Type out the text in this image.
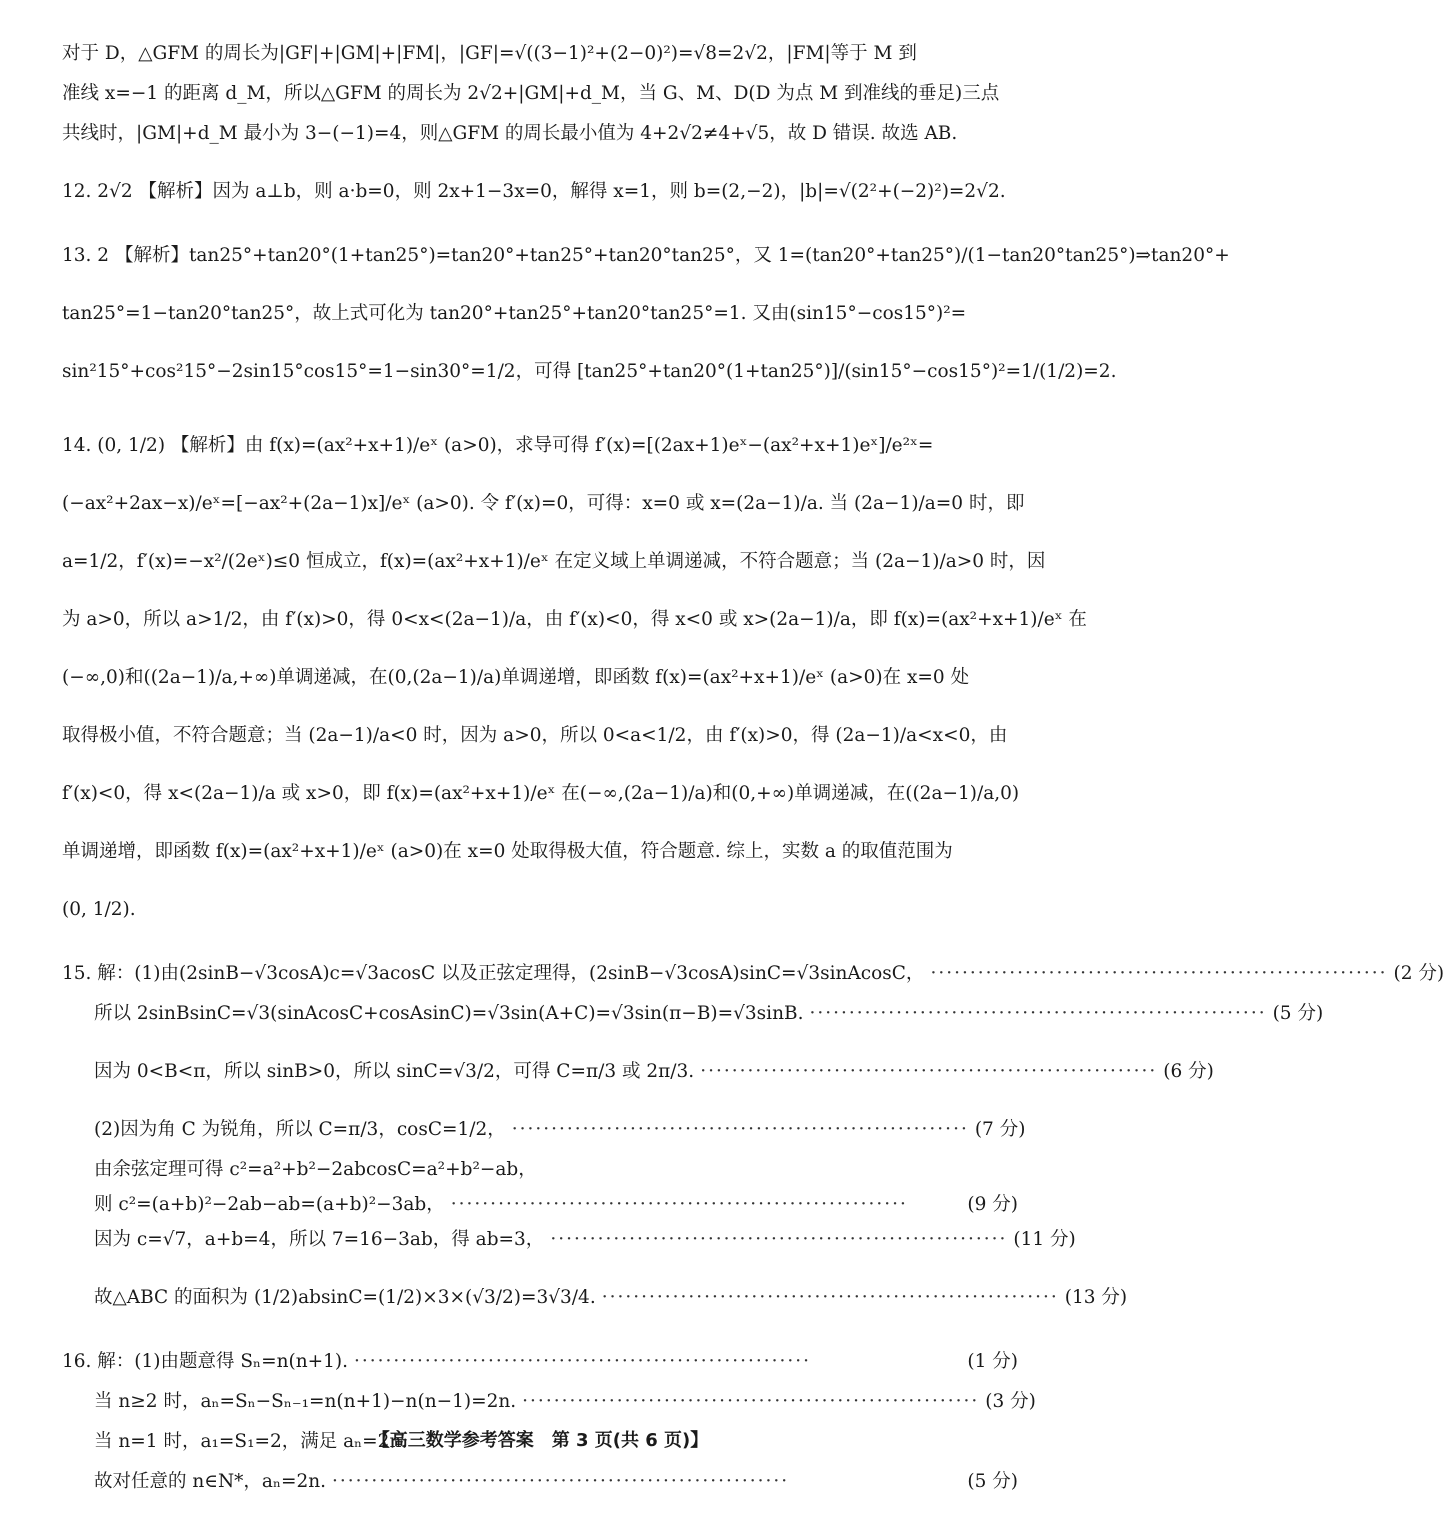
对于 D，△GFM 的周长为|GF|+|GM|+|FM|，|GF|=√((3−1)²+(2−0)²)=√8=2√2，|FM|等于 M 到
准线 x=−1 的距离 d_M，所以△GFM 的周长为 2√2+|GM|+d_M，当 G、M、D(D 为点 M 到准线的垂足)三点
共线时，|GM|+d_M 最小为 3−(−1)=4，则△GFM 的周长最小值为 4+2√2≠4+√5，故 D 错误. 故选 AB.
12. 2√2 【解析】因为 a⊥b，则 a·b=0，则 2x+1−3x=0，解得 x=1，则 b=(2,−2)，|b|=√(2²+(−2)²)=2√2.
13. 2 【解析】tan25°+tan20°(1+tan25°)=tan20°+tan25°+tan20°tan25°，又 1=(tan20°+tan25°)/(1−tan20°tan25°)⇒tan20°+
tan25°=1−tan20°tan25°，故上式可化为 tan20°+tan25°+tan20°tan25°=1. 又由(sin15°−cos15°)²=
sin²15°+cos²15°−2sin15°cos15°=1−sin30°=1/2，可得 [tan25°+tan20°(1+tan25°)]/(sin15°−cos15°)²=1/(1/2)=2.
14. (0, 1/2) 【解析】由 f(x)=(ax²+x+1)/eˣ (a>0)，求导可得 f′(x)=[(2ax+1)eˣ−(ax²+x+1)eˣ]/e²ˣ=
(−ax²+2ax−x)/eˣ=[−ax²+(2a−1)x]/eˣ (a>0). 令 f′(x)=0，可得：x=0 或 x=(2a−1)/a. 当 (2a−1)/a=0 时，即
a=1/2，f′(x)=−x²/(2eˣ)≤0 恒成立，f(x)=(ax²+x+1)/eˣ 在定义域上单调递减，不符合题意；当 (2a−1)/a>0 时，因
为 a>0，所以 a>1/2，由 f′(x)>0，得 0<x<(2a−1)/a，由 f′(x)<0，得 x<0 或 x>(2a−1)/a，即 f(x)=(ax²+x+1)/eˣ 在
(−∞,0)和((2a−1)/a,+∞)单调递减，在(0,(2a−1)/a)单调递增，即函数 f(x)=(ax²+x+1)/eˣ (a>0)在 x=0 处
取得极小值，不符合题意；当 (2a−1)/a<0 时，因为 a>0，所以 0<a<1/2，由 f′(x)>0，得 (2a−1)/a<x<0，由
f′(x)<0，得 x<(2a−1)/a 或 x>0，即 f(x)=(ax²+x+1)/eˣ 在(−∞,(2a−1)/a)和(0,+∞)单调递减，在((2a−1)/a,0)
单调递增，即函数 f(x)=(ax²+x+1)/eˣ (a>0)在 x=0 处取得极大值，符合题意. 综上，实数 a 的取值范围为
(0, 1/2).
15. 解：(1)由(2sinB−√3cosA)c=√3acosC 以及正弦定理得，(2sinB−√3cosA)sinC=√3sinAcosC， ·························································· (2 分)
所以 2sinBsinC=√3(sinAcosC+cosAsinC)=√3sin(A+C)=√3sin(π−B)=√3sinB. ·························································· (5 分)
因为 0<B<π，所以 sinB>0，所以 sinC=√3/2，可得 C=π/3 或 2π/3. ·························································· (6 分)
(2)因为角 C 为锐角，所以 C=π/3，cosC=1/2， ·························································· (7 分)
由余弦定理可得 c²=a²+b²−2abcosC=a²+b²−ab，
则 c²=(a+b)²−2ab−ab=(a+b)²−3ab， ··························································	(9 分)
因为 c=√7，a+b=4，所以 7=16−3ab，得 ab=3， ·························································· (11 分)
故△ABC 的面积为 (1/2)absinC=(1/2)×3×(√3/2)=3√3/4. ·························································· (13 分)
16. 解：(1)由题意得 Sₙ=n(n+1). ··························································	(1 分)
当 n≥2 时，aₙ=Sₙ−Sₙ₋₁=n(n+1)−n(n−1)=2n. ·························································· (3 分)
当 n=1 时，a₁=S₁=2，满足 aₙ=2n.
故对任意的 n∈N*，aₙ=2n. ··························································	(5 分)
【高三数学参考答案　第 3 页(共 6 页)】
